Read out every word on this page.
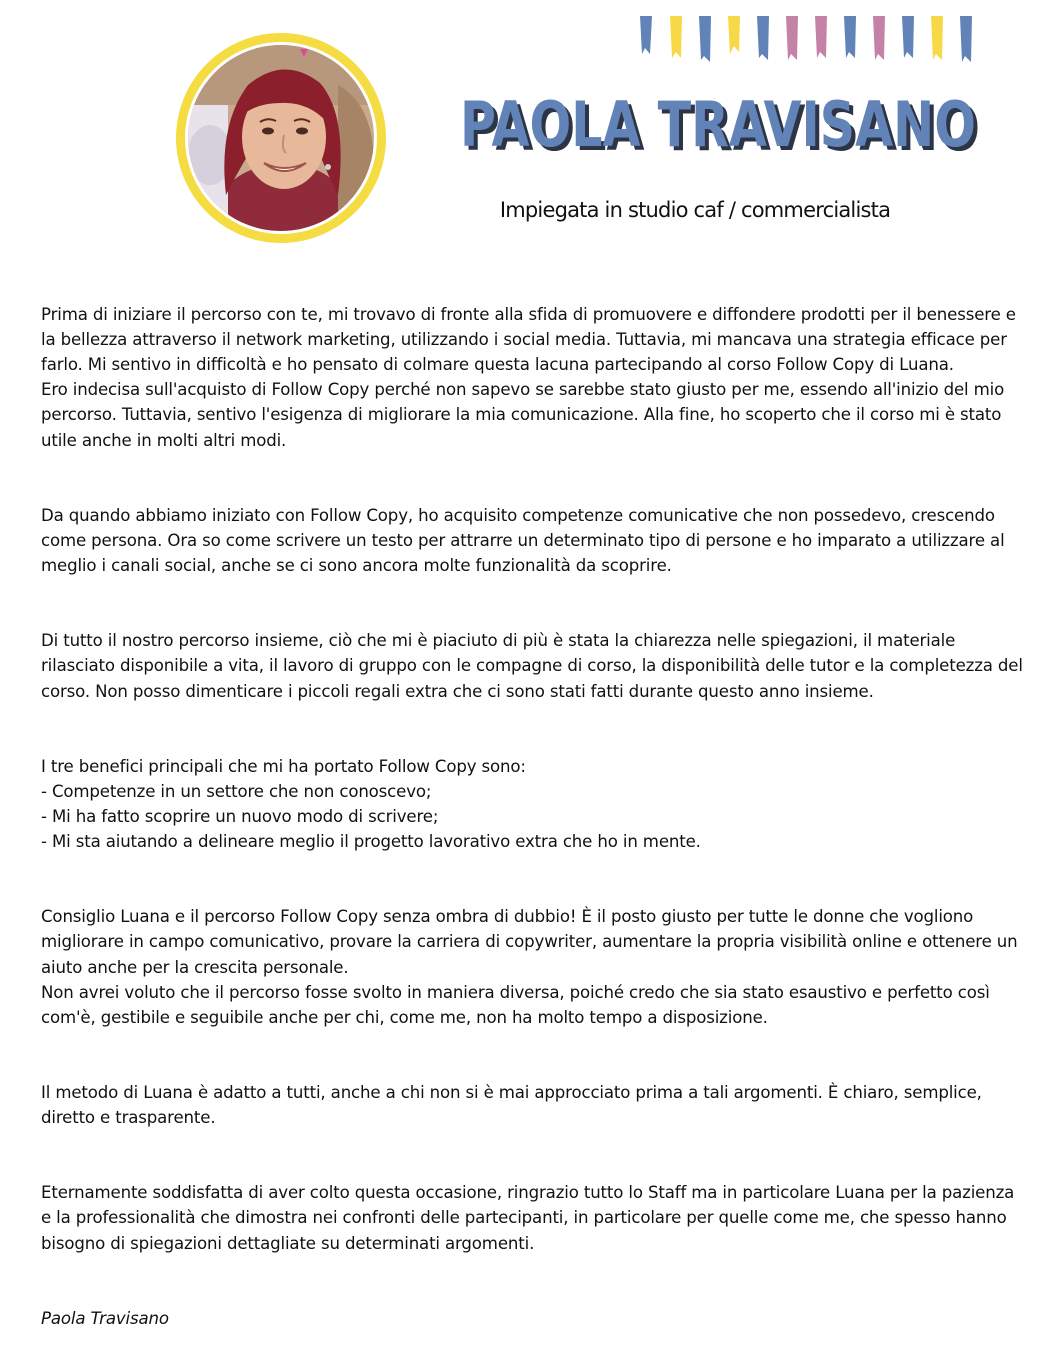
PAOLA TRAVISANO
PAOLA TRAVISANO
Impiegata in studio caf / commercialista

Prima di iniziare il percorso con te, mi trovavo di fronte alla sfida di promuovere e diffondere prodotti per il benessere e la bellezza attraverso il network marketing, utilizzando i social media. Tuttavia, mi mancava una strategia efficace per farlo. Mi sentivo in difficoltà e ho pensato di colmare questa lacuna partecipando al corso Follow Copy di Luana.
Ero indecisa sull'acquisto di Follow Copy perché non sapevo se sarebbe stato giusto per me, essendo all'inizio del mio percorso. Tuttavia, sentivo l'esigenza di migliorare la mia comunicazione. Alla fine, ho scoperto che il corso mi è stato utile anche in molti altri modi.

Da quando abbiamo iniziato con Follow Copy, ho acquisito competenze comunicative che non possedevo, crescendo come persona. Ora so come scrivere un testo per attrarre un determinato tipo di persone e ho imparato a utilizzare al meglio i canali social, anche se ci sono ancora molte funzionalità da scoprire.

Di tutto il nostro percorso insieme, ciò che mi è piaciuto di più è stata la chiarezza nelle spiegazioni, il materiale rilasciato disponibile a vita, il lavoro di gruppo con le compagne di corso, la disponibilità delle tutor e la completezza del corso. Non posso dimenticare i piccoli regali extra che ci sono stati fatti durante questo anno insieme.

I tre benefici principali che mi ha portato Follow Copy sono:
- Competenze in un settore che non conoscevo;
- Mi ha fatto scoprire un nuovo modo di scrivere;
- Mi sta aiutando a delineare meglio il progetto lavorativo extra che ho in mente.

Consiglio Luana e il percorso Follow Copy senza ombra di dubbio! È il posto giusto per tutte le donne che vogliono migliorare in campo comunicativo, provare la carriera di copywriter, aumentare la propria visibilità online e ottenere un aiuto anche per la crescita personale.
Non avrei voluto che il percorso fosse svolto in maniera diversa, poiché credo che sia stato esaustivo e perfetto così com'è, gestibile e seguibile anche per chi, come me, non ha molto tempo a disposizione.

Il metodo di Luana è adatto a tutti, anche a chi non si è mai approcciato prima a tali argomenti. È chiaro, semplice, diretto e trasparente.

Eternamente soddisfatta di aver colto questa occasione, ringrazio tutto lo Staff ma in particolare Luana per la pazienza e la professionalità che dimostra nei confronti delle partecipanti, in particolare per quelle come me, che spesso hanno bisogno di spiegazioni dettagliate su determinati argomenti.

Paola Travisano
